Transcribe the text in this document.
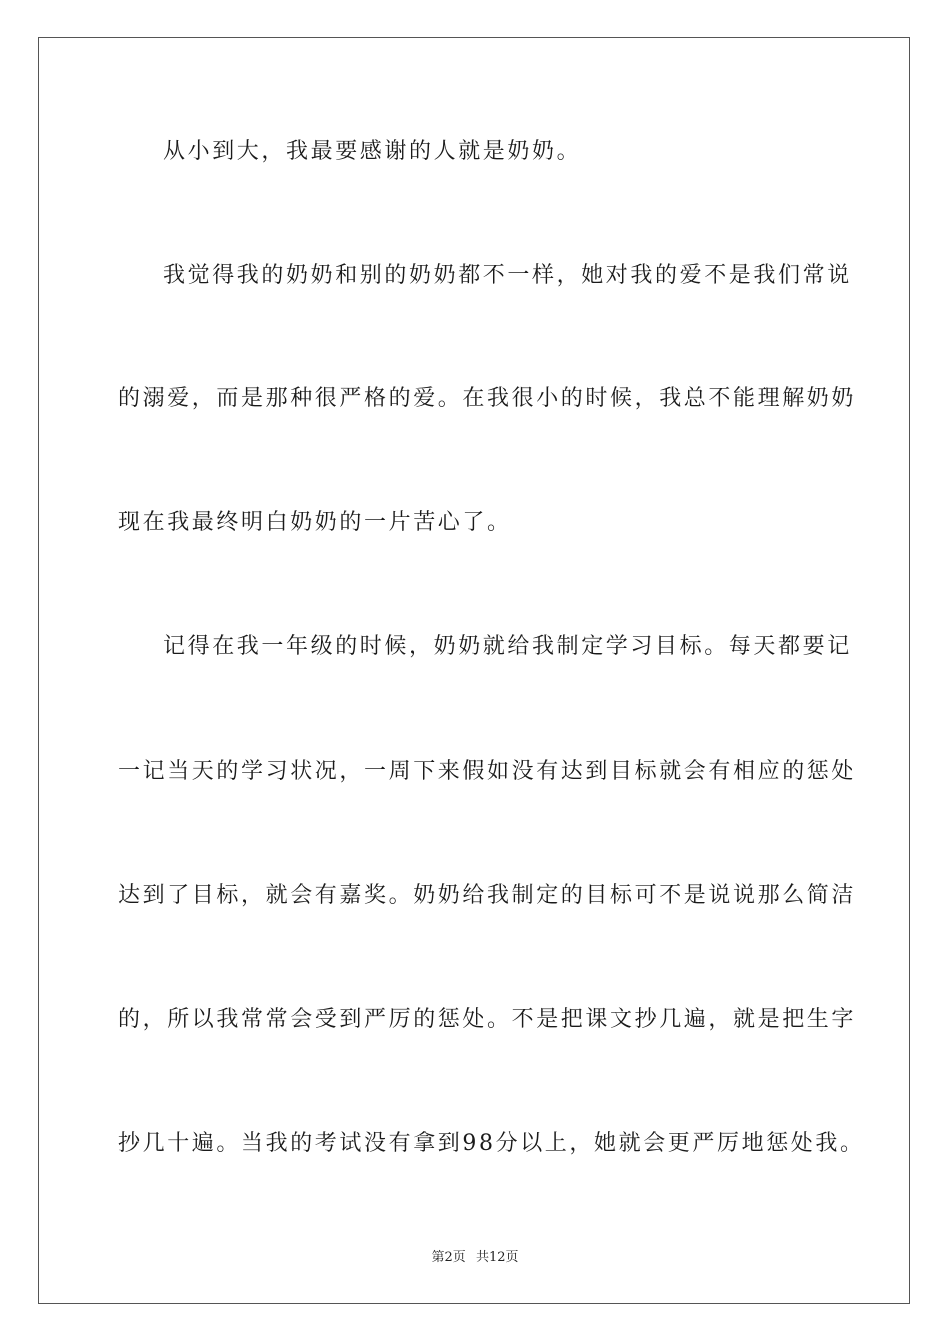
从小到大，我最要感谢的人就是奶奶。
我觉得我的奶奶和别的奶奶都不一样，她对我的爱不是我们常说
的溺爱，而是那种很严格的爱。在我很小的时候，我总不能理解奶奶
现在我最终明白奶奶的一片苦心了。
记得在我一年级的时候，奶奶就给我制定学习目标。每天都要记
一记当天的学习状况，一周下来假如没有达到目标就会有相应的惩处
达到了目标，就会有嘉奖。奶奶给我制定的目标可不是说说那么简洁
的，所以我常常会受到严厉的惩处。不是把课文抄几遍，就是把生字
抄几十遍。当我的考试没有拿到98分以上，她就会更严厉地惩处我。
第2页 共12页
